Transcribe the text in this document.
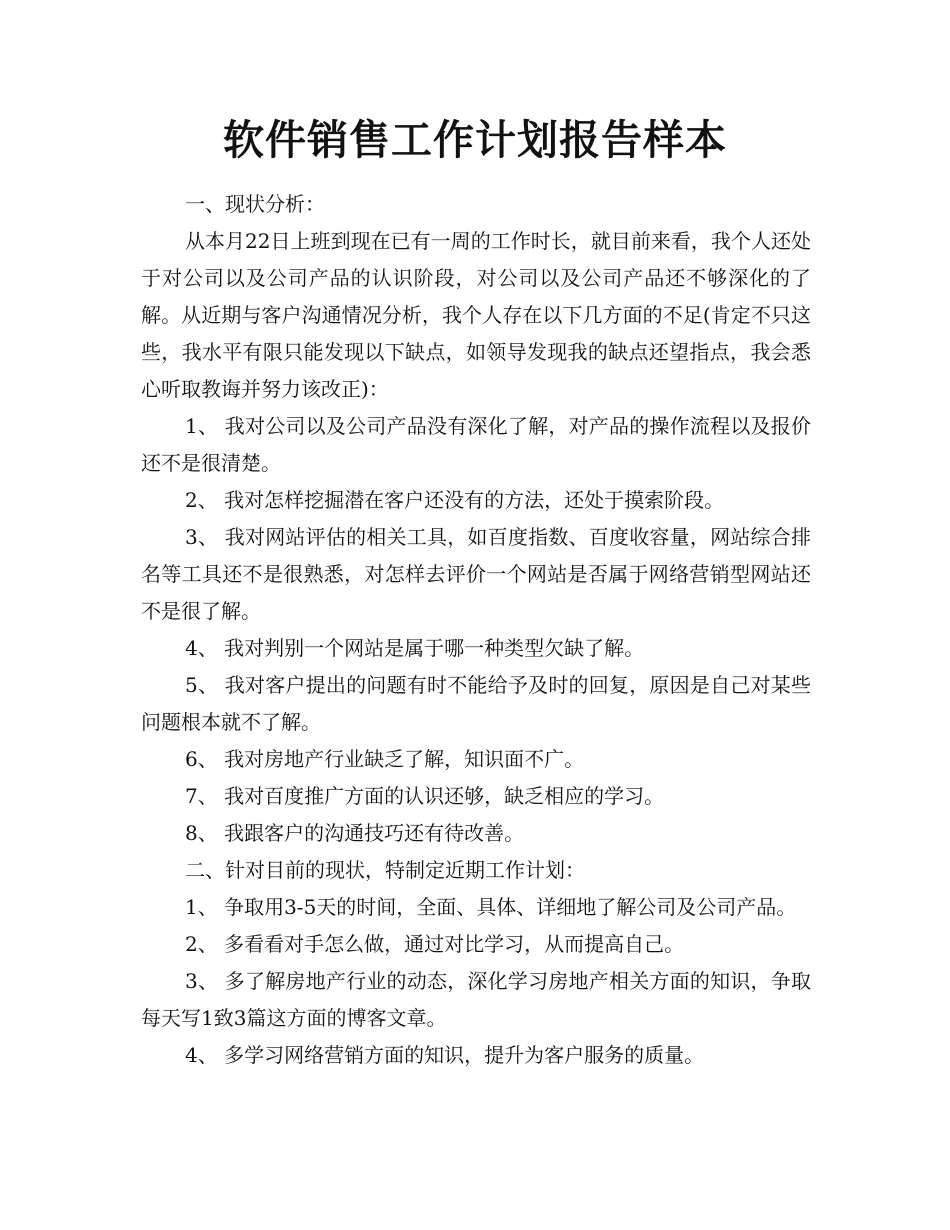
软件销售工作计划报告样本

一、现状分析：

从本月22日上班到现在已有一周的工作时长，就目前来看，我个人还处于对公司以及公司产品的认识阶段，对公司以及公司产品还不够深化的了解。从近期与客户沟通情况分析，我个人存在以下几方面的不足(肯定不只这些，我水平有限只能发现以下缺点，如领导发现我的缺点还望指点，我会悉心听取教诲并努力该改正)：

1、 我对公司以及公司产品没有深化了解，对产品的操作流程以及报价还不是很清楚。

2、 我对怎样挖掘潜在客户还没有的方法，还处于摸索阶段。

3、 我对网站评估的相关工具，如百度指数、百度收容量，网站综合排名等工具还不是很熟悉，对怎样去评价一个网站是否属于网络营销型网站还不是很了解。

4、 我对判别一个网站是属于哪一种类型欠缺了解。

5、 我对客户提出的问题有时不能给予及时的回复，原因是自己对某些问题根本就不了解。

6、 我对房地产行业缺乏了解，知识面不广。

7、 我对百度推广方面的认识还够，缺乏相应的学习。

8、 我跟客户的沟通技巧还有待改善。

二、针对目前的现状，特制定近期工作计划：

1、 争取用3-5天的时间，全面、具体、详细地了解公司及公司产品。

2、 多看看对手怎么做，通过对比学习，从而提高自己。

3、 多了解房地产行业的动态，深化学习房地产相关方面的知识，争取每天写1致3篇这方面的博客文章。

4、 多学习网络营销方面的知识，提升为客户服务的质量。
